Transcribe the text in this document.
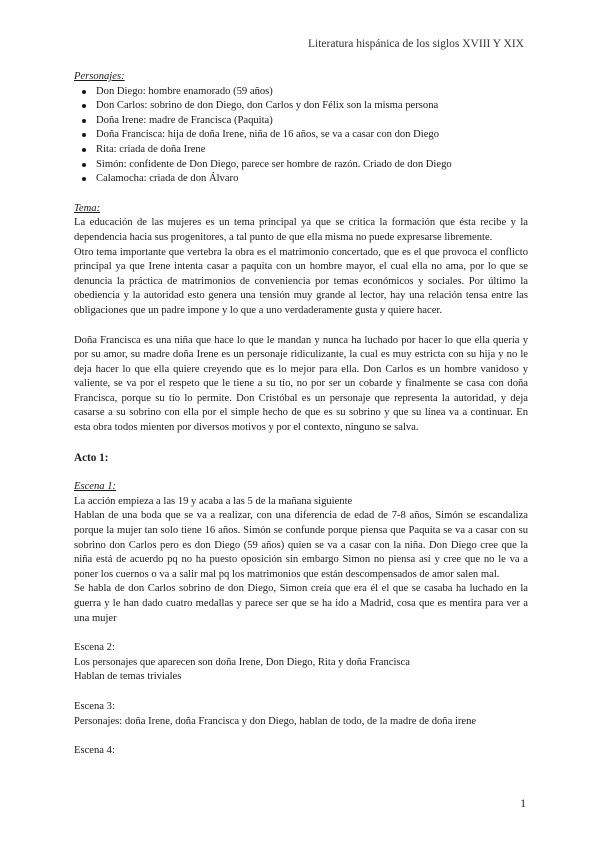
Literatura hispánica de los siglos XVIII Y XIX

Personajes:

Don Diego: hombre enamorado (59 años)
Don Carlos: sobrino de don Diego, don Carlos y don Félix son la misma persona
Doña Irene: madre de Francisca (Paquita)
Doña Francisca: hija de doña Irene, niña de 16 años, se va a casar con don Diego
Rita: criada de doña Irene
Simón: confidente de Don Diego, parece ser hombre de razón. Criado de don Diego
Calamocha: criada de don Álvaro

Tema:

La educación de las mujeres es un tema principal ya que se critica la formación que ésta recibe y la dependencia hacia sus progenitores, a tal punto de que ella misma no puede expresarse libremente.

Otro tema importante que vertebra la obra es el matrimonio concertado, que es el que provoca el conflicto principal ya que Irene intenta casar a paquita con un hombre mayor, el cual ella no ama, por lo que se denuncia la práctica de matrimonios de conveniencia por temas económicos y sociales. Por último la obediencia y la autoridad esto genera una tensión muy grande al lector, hay una relación tensa entre las obligaciones que un padre impone y lo que a uno verdaderamente gusta y quiere hacer.

Doña Francisca es una niña que hace lo que le mandan y nunca ha luchado por hacer lo que ella quería y por su amor, su madre doña Irene es un personaje ridiculizante, la cual es muy estricta con su hija y no le deja hacer lo que ella quiere creyendo que es lo mejor para ella. Don Carlos es un hombre vanidoso y valiente, se va por el respeto que le tiene a su tío, no por ser un cobarde y finalmente se casa con doña Francisca, porque su tío lo permite. Don Cristóbal es un personaje que representa la autoridad, y deja casarse a su sobrino con ella por el simple hecho de que es su sobrino y que su línea va a continuar. En esta obra todos mienten por diversos motivos y por el contexto, ninguno se salva.

Acto 1:

Escena 1:

La acción empieza a las 19 y acaba a las 5 de la mañana siguiente

Hablan de una boda que se va a realizar, con una diferencia de edad de 7-8 años, Simón se escandaliza porque la mujer tan solo tiene 16 años. Simón se confunde porque piensa que Paquita se va a casar con su sobrino don Carlos pero es don Diego (59 años) quien se va a casar con la niña. Don Diego cree que la niña está de acuerdo pq no ha puesto oposición sin embargo Simon no piensa así y cree que no le va a poner los cuernos o va a salir mal pq los matrimonios que están descompensados de amor salen mal.

Se habla de don Carlos sobrino de don Diego, Simon creía que era él el que se casaba ha luchado en la guerra y le han dado cuatro medallas y parece ser que se ha ido a Madrid, cosa que es mentira para ver a una mujer

Escena 2:

Los personajes que aparecen son doña Irene, Don Diego, Rita y doña Francisca

Hablan de temas triviales

Escena 3:

Personajes: doña Irene, doña Francisca y don Diego, hablan de todo, de la madre de doña irene

Escena 4:

1
